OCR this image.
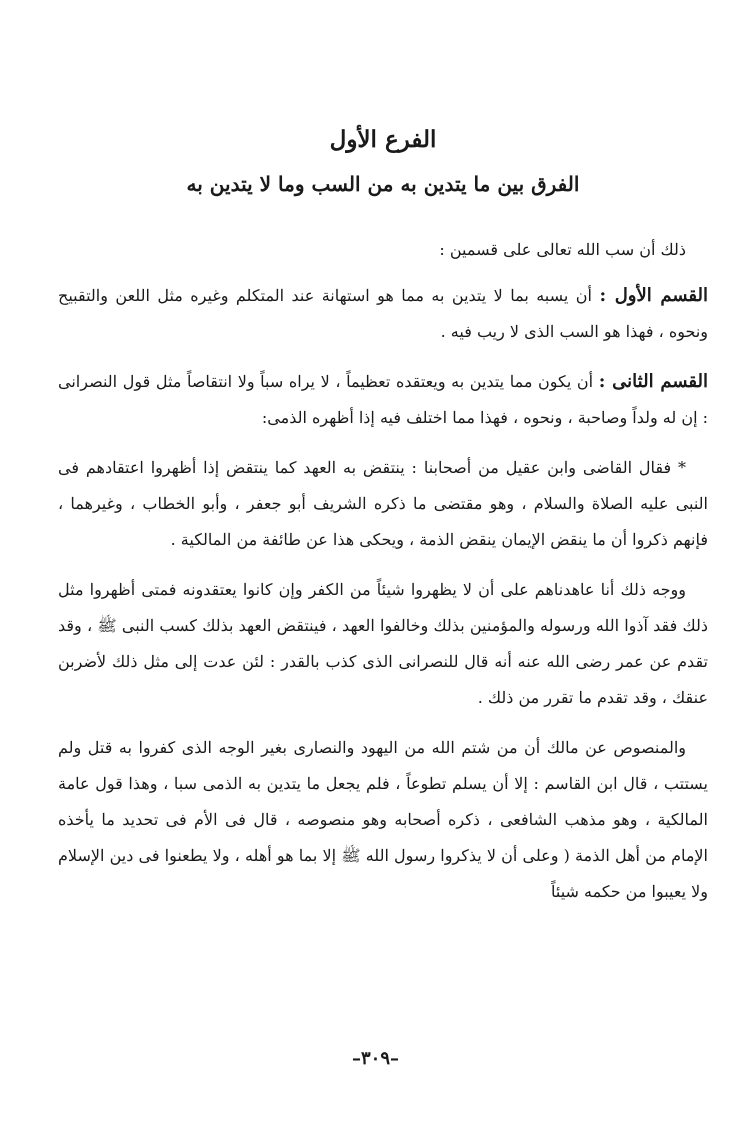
الفرع الأول
الفرق بين ما يتدين به من السب وما لا يتدين به

ذلك أن سب الله تعالى على قسمين :

القسم الأول : أن يسبه بما لا يتدين به مما هو استهانة عند المتكلم وغيره مثل اللعن والتقبيح ونحوه ، فهذا هو السب الذى لا ريب فيه .

القسم الثانى : أن يكون مما يتدين به ويعتقده تعظيماً ، لا يراه سباً ولا انتقاصاً مثل قول النصرانى : إن له ولداً وصاحبة ، ونحوه ، فهذا مما اختلف فيه إذا أظهره الذمى:

* فقال القاضى وابن عقيل من أصحابنا : ينتقض به العهد كما ينتقض إذا أظهروا اعتقادهم فى النبى عليه الصلاة والسلام ، وهو مقتضى ما ذكره الشريف أبو جعفر ، وأبو الخطاب ، وغيرهما ، فإنهم ذكروا أن ما ينقض الإيمان ينقض الذمة ، ويحكى هذا عن طائفة من المالكية .

ووجه ذلك أنا عاهدناهم على أن لا يظهروا شيئاً من الكفر وإن كانوا يعتقدونه فمتى أظهروا مثل ذلك فقد آذوا الله ورسوله والمؤمنين بذلك وخالفوا العهد ، فينتقض العهد بذلك كسب النبى ﷺ ، وقد تقدم عن عمر رضى الله عنه أنه قال للنصرانى الذى كذب بالقدر : لئن عدت إلى مثل ذلك لأضربن عنقك ، وقد تقدم ما تقرر من ذلك .

والمنصوص عن مالك أن من شتم الله من اليهود والنصارى بغير الوجه الذى كفروا به قتل ولم يستتب ، قال ابن القاسم : إلا أن يسلم تطوعاً ، فلم يجعل ما يتدين به الذمى سبا ، وهذا قول عامة المالكية ، وهو مذهب الشافعى ، ذكره أصحابه وهو منصوصه ، قال فى الأم فى تحديد ما يأخذه الإمام من أهل الذمة ( وعلى أن لا يذكروا رسول الله ﷺ إلا بما هو أهله ، ولا يطعنوا فى دين الإسلام ولا يعيبوا من حكمه شيئاً

–٣٠٩–
